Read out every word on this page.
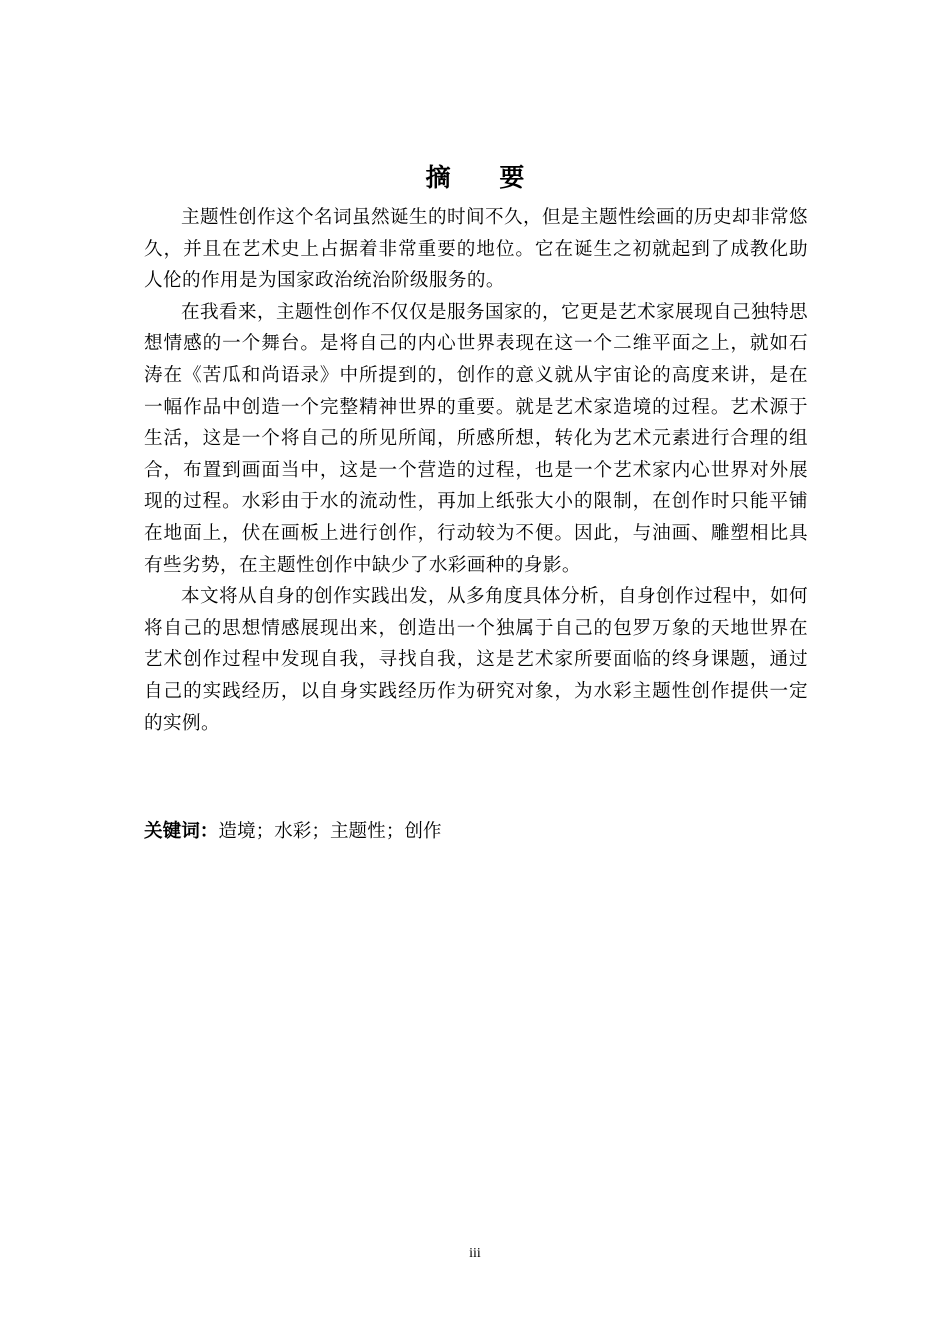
摘 要

主题性创作这个名词虽然诞生的时间不久，但是主题性绘画的历史却非常悠久，并且在艺术史上占据着非常重要的地位。它在诞生之初就起到了成教化助人伦的作用是为国家政治统治阶级服务的。

在我看来，主题性创作不仅仅是服务国家的，它更是艺术家展现自己独特思想情感的一个舞台。是将自己的内心世界表现在这一个二维平面之上，就如石涛在《苦瓜和尚语录》中所提到的，创作的意义就从宇宙论的高度来讲，是在一幅作品中创造一个完整精神世界的重要。就是艺术家造境的过程。艺术源于生活，这是一个将自己的所见所闻，所感所想，转化为艺术元素进行合理的组合，布置到画面当中，这是一个营造的过程，也是一个艺术家内心世界对外展现的过程。水彩由于水的流动性，再加上纸张大小的限制，在创作时只能平铺在地面上，伏在画板上进行创作，行动较为不便。因此，与油画、雕塑相比具有些劣势，在主题性创作中缺少了水彩画种的身影。

本文将从自身的创作实践出发，从多角度具体分析，自身创作过程中，如何将自己的思想情感展现出来，创造出一个独属于自己的包罗万象的天地世界在艺术创作过程中发现自我，寻找自我，这是艺术家所要面临的终身课题，通过自己的实践经历，以自身实践经历作为研究对象，为水彩主题性创作提供一定的实例。

关键词：造境；水彩；主题性；创作
iii
